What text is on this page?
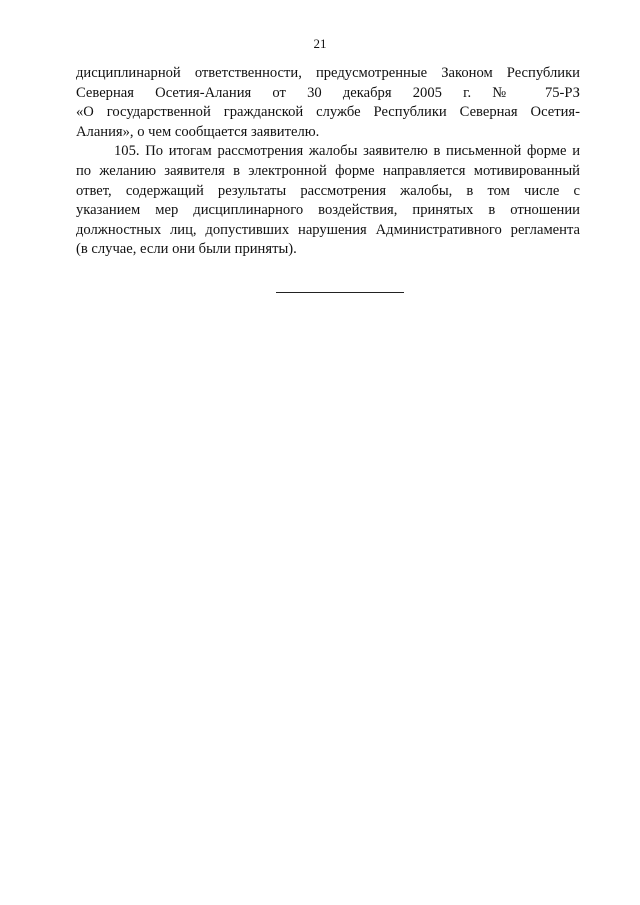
21
дисциплинарной ответственности, предусмотренные Законом Республики
Северная Осетия-Алания от 30 декабря 2005 г. № 75-РЗ
«О государственной гражданской службе Республики Северная Осетия-
Алания», о чем сообщается заявителю.
105. По итогам рассмотрения жалобы заявителю в письменной форме и
по желанию заявителя в электронной форме направляется мотивированный
ответ, содержащий результаты рассмотрения жалобы, в том числе с
указанием мер дисциплинарного воздействия, принятых в отношении
должностных лиц, допустивших нарушения Административного регламента
(в случае, если они были приняты).
